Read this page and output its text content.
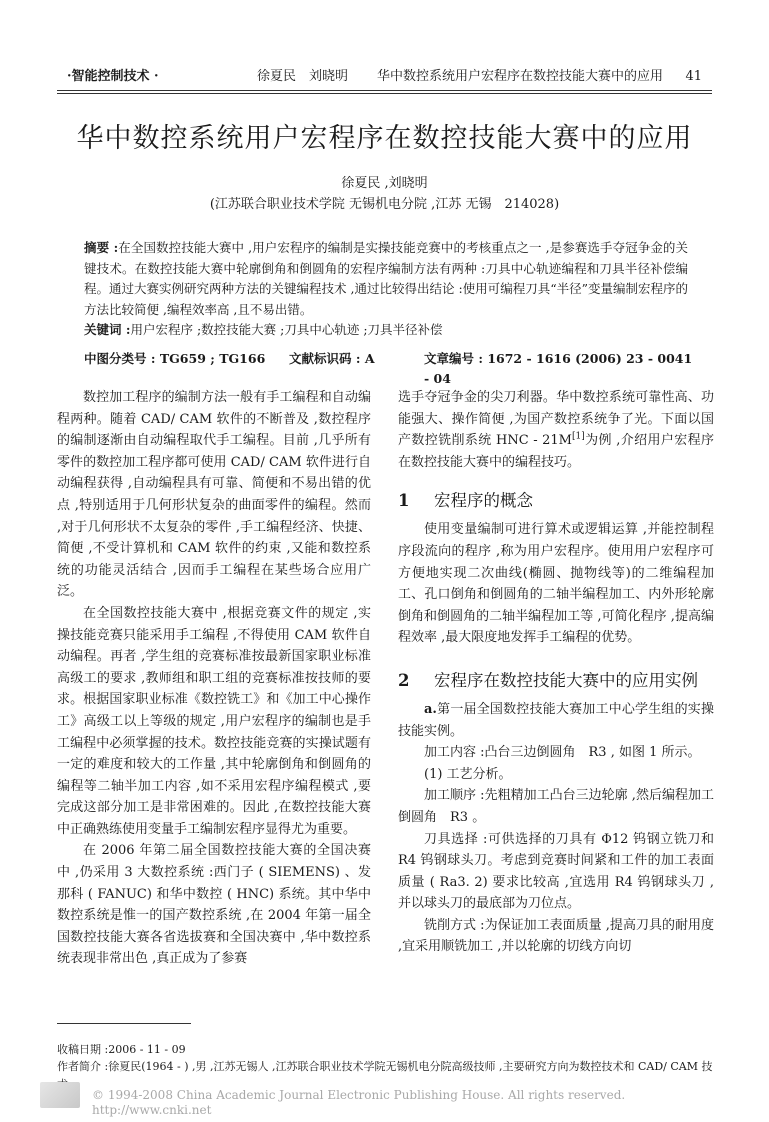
·智能控制技术 ·	徐夏民　刘晓明 华中数控系统用户宏程序在数控技能大赛中的应用 41
华中数控系统用户宏程序在数控技能大赛中的应用
徐夏民 ,刘晓明
(江苏联合职业技术学院 无锡机电分院 ,江苏 无锡　214028)
摘要 :在全国数控技能大赛中 ,用户宏程序的编制是实操技能竞赛中的考核重点之一 ,是参赛选手夺冠争金的关键技术。在数控技能大赛中轮廓倒角和倒圆角的宏程序编制方法有两种 :刀具中心轨迹编程和刀具半径补偿编程。通过大赛实例研究两种方法的关键编程技术 ,通过比较得出结论 :使用可编程刀具“半径”变量编制宏程序的方法比较简便 ,编程效率高 ,且不易出错。
关键词 :用户宏程序 ;数控技能大赛 ;刀具中心轨迹 ;刀具半径补偿
中图分类号 : TG659 ; TG166 文献标识码 : A	文章编号 : 1672 - 1616 (2006) 23 - 0041 - 04

数控加工程序的编制方法一般有手工编程和自动编程两种。随着 CAD/ CAM 软件的不断普及 ,数控程序的编制逐渐由自动编程取代手工编程。目前 ,几乎所有零件的数控加工程序都可使用 CAD/ CAM 软件进行自动编程获得 ,自动编程具有可靠、简便和不易出错的优点 ,特别适用于几何形状复杂的曲面零件的编程。然而 ,对于几何形状不太复杂的零件 ,手工编程经济、快捷、简便 ,不受计算机和 CAM 软件的约束 ,又能和数控系统的功能灵活结合 ,因而手工编程在某些场合应用广泛。

在全国数控技能大赛中 ,根据竞赛文件的规定 ,实操技能竞赛只能采用手工编程 ,不得使用 CAM 软件自动编程。再者 ,学生组的竞赛标准按最新国家职业标准高级工的要求 ,教师组和职工组的竞赛标准按技师的要求。根据国家职业标准《数控铣工》和《加工中心操作工》高级工以上等级的规定 ,用户宏程序的编制也是手工编程中必须掌握的技术。数控技能竞赛的实操试题有一定的难度和较大的工作量 ,其中轮廓倒角和倒圆角的编程等二轴半加工内容 ,如不采用宏程序编程模式 ,要完成这部分加工是非常困难的。因此 ,在数控技能大赛中正确熟练使用变量手工编制宏程序显得尤为重要。

在 2006 年第二届全国数控技能大赛的全国决赛中 ,仍采用 3 大数控系统 :西门子 ( SIEMENS) 、发那科 ( FANUC) 和华中数控 ( HNC) 系统。其中华中数控系统是惟一的国产数控系统 ,在 2004 年第一届全国数控技能大赛各省选拔赛和全国决赛中 ,华中数控系统表现非常出色 ,真正成为了参赛

选手夺冠争金的尖刀利器。华中数控系统可靠性高、功能强大、操作简便 ,为国产数控系统争了光。下面以国产数控铣削系统 HNC - 21M[1]为例 ,介绍用户宏程序在数控技能大赛中的编程技巧。

1 宏程序的概念

使用变量编制可进行算术或逻辑运算 ,并能控制程序段流向的程序 ,称为用户宏程序。使用用户宏程序可方便地实现二次曲线(椭圆、抛物线等)的二维编程加工、孔口倒角和倒圆角的二轴半编程加工、内外形轮廓倒角和倒圆角的二轴半编程加工等 ,可简化程序 ,提高编程效率 ,最大限度地发挥手工编程的优势。

2 宏程序在数控技能大赛中的应用实例

a.第一届全国数控技能大赛加工中心学生组的实操技能实例。

加工内容 :凸台三边倒圆角　R3 , 如图 1 所示。

(1) 工艺分析。

加工顺序 :先粗精加工凸台三边轮廓 ,然后编程加工倒圆角　R3 。

刀具选择 :可供选择的刀具有 Φ12 钨钢立铣刀和 R4 钨钢球头刀。考虑到竞赛时间紧和工件的加工表面质量 ( Ra3. 2) 要求比较高 ,宜选用 R4 钨钢球头刀 ,并以球头刀的最底部为刀位点。

铣削方式 :为保证加工表面质量 ,提高刀具的耐用度 ,宜采用顺铣加工 ,并以轮廓的切线方向切

收稿日期 :2006 - 11 - 09
作者简介 :徐夏民(1964 - ) ,男 ,江苏无锡人 ,江苏联合职业技术学院无锡机电分院高级技师 ,主要研究方向为数控技术和 CAD/ CAM 技
© 1994-2008 China Academic Journal Electronic Publishing House. All rights reserved.　http://www.cnki.net
